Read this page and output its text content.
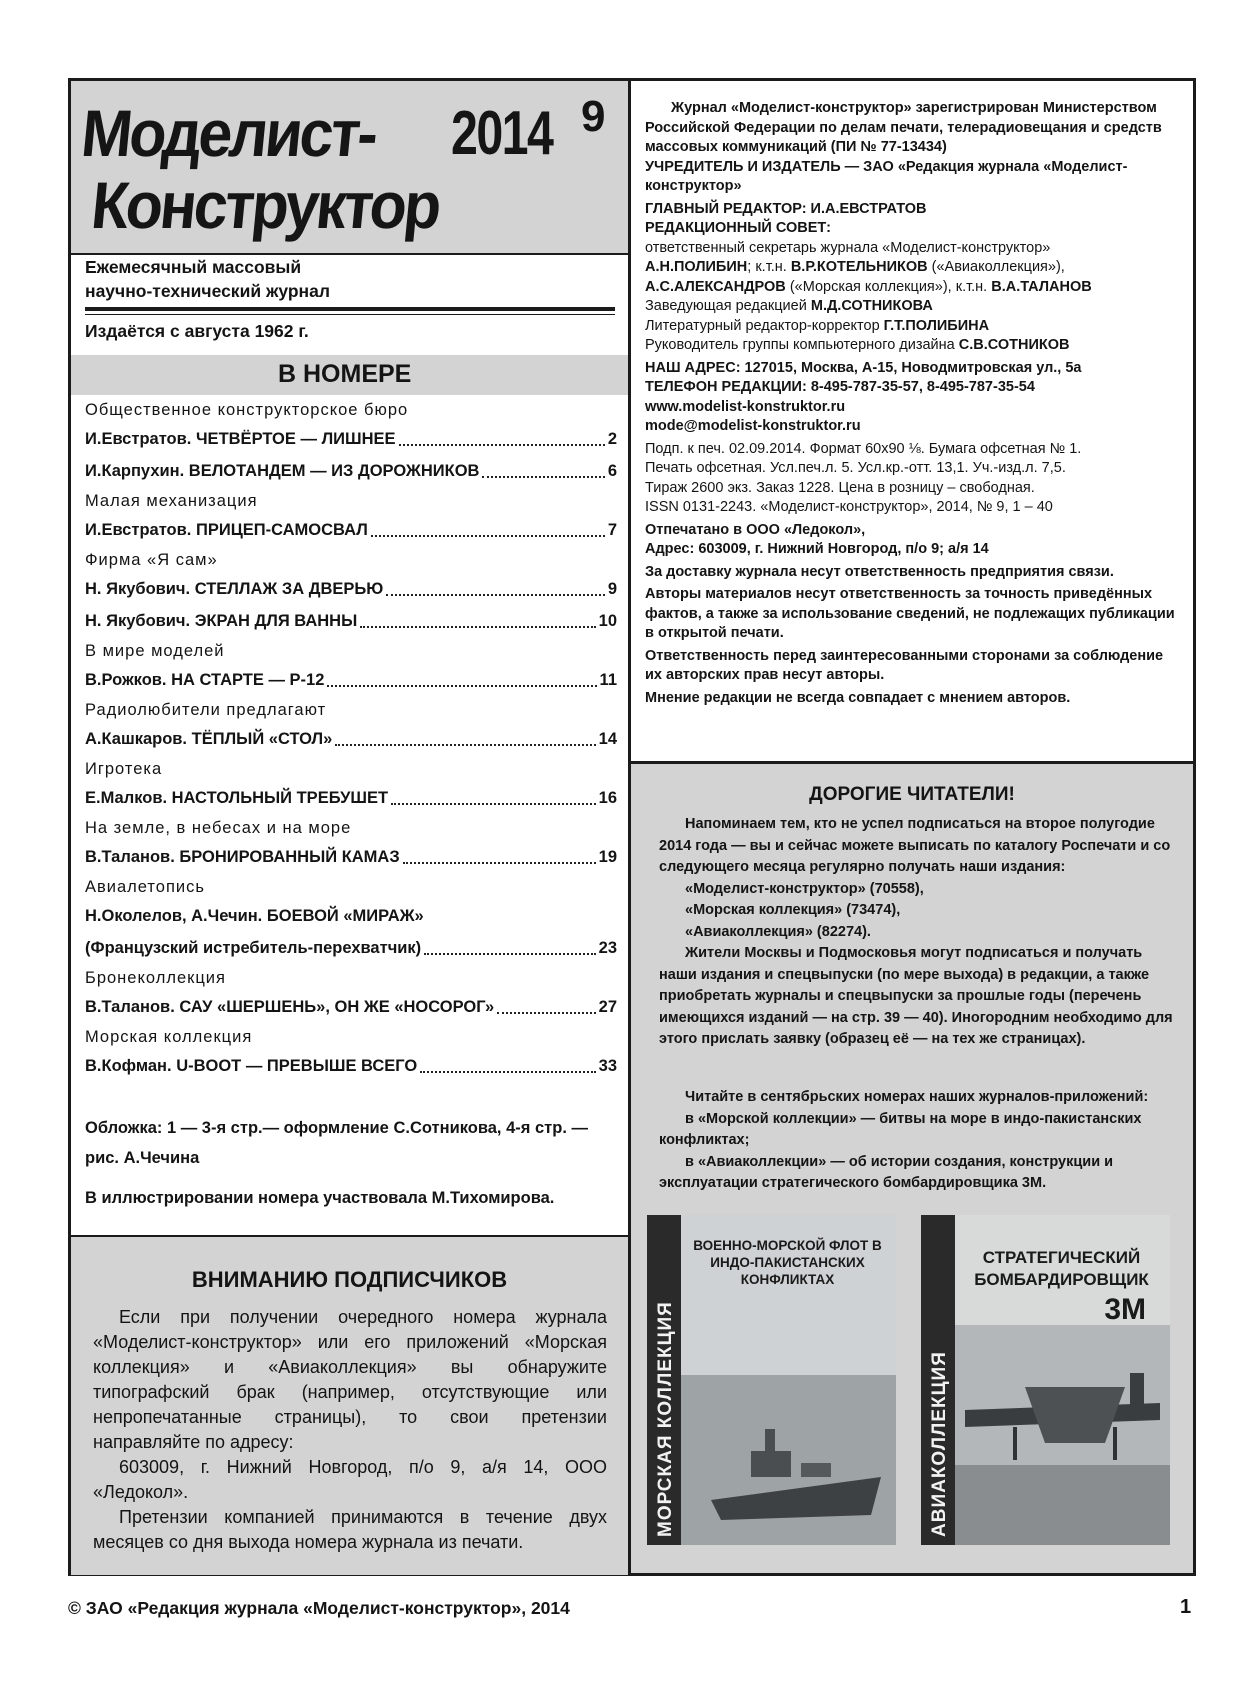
Моделист-
Конструктор
2014 9
Ежемесячный массовый
научно-технический журнал
Издаётся с августа 1962 г.
В НОМЕРЕ
Общественное конструкторское бюро
И.Евстратов. ЧЕТВЁРТОЕ — ЛИШНЕЕ	2
И.Карпухин. ВЕЛОТАНДЕМ — ИЗ ДОРОЖНИКОВ	6
Малая механизация
И.Евстратов. ПРИЦЕП-САМОСВАЛ	7
Фирма «Я сам»
Н. Якубович. СТЕЛЛАЖ ЗА ДВЕРЬЮ	9
Н. Якубович. ЭКРАН ДЛЯ ВАННЫ	10
В мире моделей
В.Рожков. НА СТАРТЕ — Р-12	11
Радиолюбители предлагают
А.Кашкаров. ТЁПЛЫЙ «СТОЛ»	14
Игротека
Е.Малков. НАСТОЛЬНЫЙ ТРЕБУШЕТ	16
На земле, в небесах и на море
В.Таланов. БРОНИРОВАННЫЙ КАМАЗ	19
Авиалетопись
Н.Околелов, А.Чечин. БОЕВОЙ «МИРАЖ»
(Французский истребитель-перехватчик)	23
Бронеколлекция
В.Таланов. САУ «ШЕРШЕНЬ», ОН ЖЕ «НОСОРОГ»	27
Морская коллекция
В.Кофман. U-BOOT — ПРЕВЫШЕ ВСЕГО	33
Обложка: 1 — 3-я стр.— оформление С.Сотникова, 4-я стр. —
рис. А.Чечина
В иллюстрировании номера участвовала М.Тихомирова.
ВНИМАНИЮ ПОДПИСЧИКОВ

Если при получении очередного номера журнала «Моделист-конструктор» или его приложений «Морская коллекция» и «Авиаколлекция» вы обнаружите типографский брак (например, отсутствующие или непропечатанные страницы), то свои претензии направляйте по адресу:

603009, г. Нижний Новгород, п/о 9, а/я 14, ООО «Ледокол».

Претензии компанией принимаются в течение двух месяцев со дня выхода номера журнала из печати.

Журнал «Моделист-конструктор» зарегистрирован Министерством Российской Федерации по делам печати, телерадиовещания и средств массовых коммуникаций (ПИ № 77-13434)
УЧРЕДИТЕЛЬ И ИЗДАТЕЛЬ — ЗАО «Редакция журнала «Моделист-конструктор»
ГЛАВНЫЙ РЕДАКТОР: И.А.ЕВСТРАТОВ
РЕДАКЦИОННЫЙ СОВЕТ:
ответственный секретарь журнала «Моделист-конструктор»
А.Н.ПОЛИБИН; к.т.н. В.Р.КОТЕЛЬНИКОВ («Авиаколлекция»),
А.С.АЛЕКСАНДРОВ («Морская коллекция»), к.т.н. В.А.ТАЛАНОВ
Заведующая редакцией М.Д.СОТНИКОВА
Литературный редактор-корректор Г.Т.ПОЛИБИНА
Руководитель группы компьютерного дизайна С.В.СОТНИКОВ
НАШ АДРЕС: 127015, Москва, А-15, Новодмитровская ул., 5а
ТЕЛЕФОН РЕДАКЦИИ: 8-495-787-35-57, 8-495-787-35-54
www.modelist-konstruktor.ru
mode@modelist-konstruktor.ru
Подп. к печ. 02.09.2014. Формат 60x90 ⅛. Бумага офсетная № 1.
Печать офсетная. Усл.печ.л. 5. Усл.кр.-отт. 13,1. Уч.-изд.л. 7,5.
Тираж 2600 экз. Заказ 1228. Цена в розницу – свободная.
ISSN 0131-2243. «Моделист-конструктор», 2014, № 9, 1 – 40
Отпечатано в ООО «Ледокол»,
Адрес: 603009, г. Нижний Новгород, п/о 9; а/я 14
За доставку журнала несут ответственность предприятия связи.
Авторы материалов несут ответственность за точность приведённых фактов, а также за использование сведений, не подлежащих публикации в открытой печати.
Ответственность перед заинтересованными сторонами за соблюдение их авторских прав несут авторы.
Мнение редакции не всегда совпадает с мнением авторов.
ДОРОГИЕ ЧИТАТЕЛИ!
Напоминаем тем, кто не успел подписаться на второе полугодие 2014 года — вы и сейчас можете выписать по каталогу Роспечати и со следующего месяца регулярно получать наши издания:
«Моделист-конструктор» (70558),
«Морская коллекция» (73474),
«Авиаколлекция» (82274).
Жители Москвы и Подмосковья могут подписаться и получать наши издания и спецвыпуски (по мере выхода) в редакции, а также приобретать журналы и спецвыпуски за прошлые годы (перечень имеющихся изданий — на стр. 39 — 40). Иногородним необходимо для этого прислать заявку (образец её — на тех же страницах).
Читайте в сентябрьских номерах наших журналов-приложений:
в «Морской коллекции» — битвы на море в индо-пакистанских конфликтах;
в «Авиаколлекции» — об истории создания, конструкции и эксплуатации стратегического бомбардировщика 3М.
МОРСКАЯ КОЛЛЕКЦИЯ
ВОЕННО-МОРСКОЙ ФЛОТ В ИНДО-ПАКИСТАНСКИХ КОНФЛИКТАХ
АВИАКОЛЛЕКЦИЯ
СТРАТЕГИЧЕСКИЙ
БОМБАРДИРОВЩИК
3М
© ЗАО «Редакция журнала «Моделист-конструктор», 2014	1
